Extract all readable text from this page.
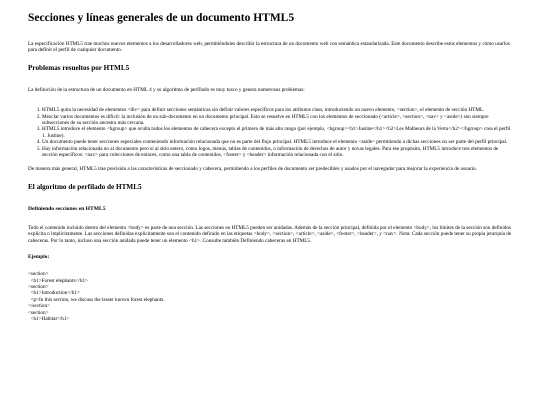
Secciones y líneas generales de un documento HTML5

La especificación HTML5 trae muchos nuevos elementos a los desarrolladores web, permitiéndoles describir la estructura de un documento web con semántica estandarizada. Este documento describe estos elementos y cómo usarlos para definir el perfil de cualquier documento.

Problemas resueltos por HTML5

La definición de la estructura de un documento en HTML 4 y su algoritmo de perfilado es muy tosco y genera numerosos problemas:

1. HTML5 quita la necesidad de elementos <div> para definir secciones semánticas sin definir valores específicos para los atributos class, introduciendo un nuevo elemento, <section>, el elemento de sección HTML.
2. Mezclar varios documentos es difícil: la inclusión de un sub-documento en un documento principal. Esto se resuelve en HTML5 con los elementos de seccionado (<article>, <section>, <nav> y <aside>) son siempre subsecciones de su sección ancestra más cercana.
3. HTML5 introduce el elemento <hgroup> que oculta todos los elementos de cabecera excepto el primero de más alto rango (por ejemplo, <hgroup><h1>Justine</h1><h2>Les Malheurs de la Vertu</h2></hgroup> crea el perfil 1. Justine).
4. Un documento puede tener secciones especiales conteniendo información relacionada que no es parte del flujo principal. HTML5 introduce el elemento <aside> permitiendo a dichas secciones no ser parte del perfil principal.
5. Hay información relacionada no al documento pero sí al sitio entero, como logos, menús, tablas de contenidos, o información de derechos de autor y novas legales. Para ese propósito, HTML5 introduce tres elementos de sección específicos: <nav> para colecciones de enlaces, como una tabla de contenidos, <footer> y <header> información relacionada con el sitio.

De manera más general, HTML5 trae precisión a las características de seccionado y cabecera, permitiendo a los perfiles de documento ser predecibles y usados por el navegador para mejorar la experiencia de usuario.

El algoritmo de perfilado de HTML5
Definiendo secciones en HTML5

Todo el contenido incluido dentro del elemento <body> es parte de una sección. Las secciones en HTML5 pueden ser anidadas. Además de la sección principal, definida por el elemento <body>, los límites de la sección son definidos explícita o implícitamente. Las secciones definidas explícitamente son el contenido definido en las etiquetas <body>, <section>, <article>, <aside>, <footer>, <header>, y <nav>. Nota: Cada sección puede tener su propia jerarquía de cabeceras. Por lo tanto, incluso una sección anidada puede tener un elemento <h1>. Consulte también Definiendo cabeceras en HTML5.

Ejemplo:
<section>
<h1>Forest elephants</h1>
<section>
<h1>Introduction</h1>
<p>In this section, we discuss the lesser known forest elephants.
</section>
<section>
<h1>Habitat</h1>
